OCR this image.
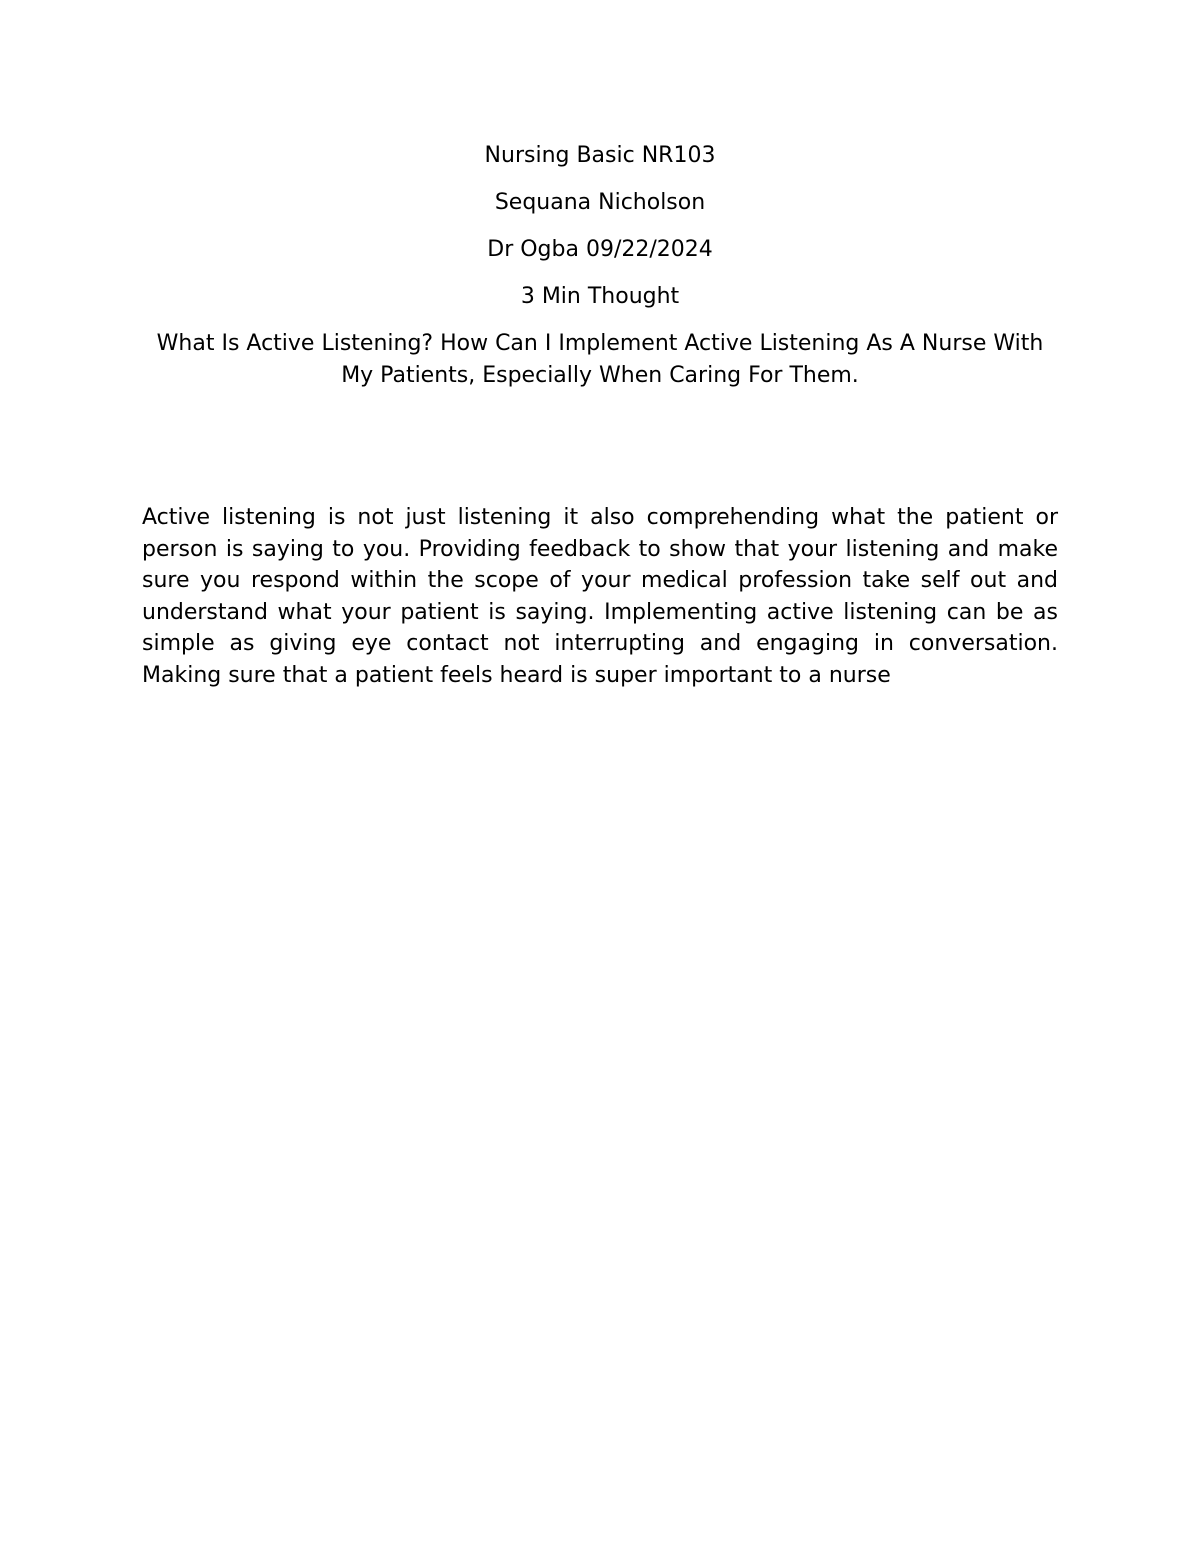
Nursing Basic NR103

Sequana Nicholson

Dr Ogba 09/22/2024

3 Min Thought

What Is Active Listening? How Can I Implement Active Listening As A Nurse With My Patients, Especially When Caring For Them.

Active listening is not just listening it also comprehending what the patient or person is saying to you. Providing feedback to show that your listening and make sure you respond within the scope of your medical profession take self out and understand what your patient is saying. Implementing active listening can be as simple as giving eye contact not interrupting and engaging in conversation. Making sure that a patient feels heard is super important to a nurse
